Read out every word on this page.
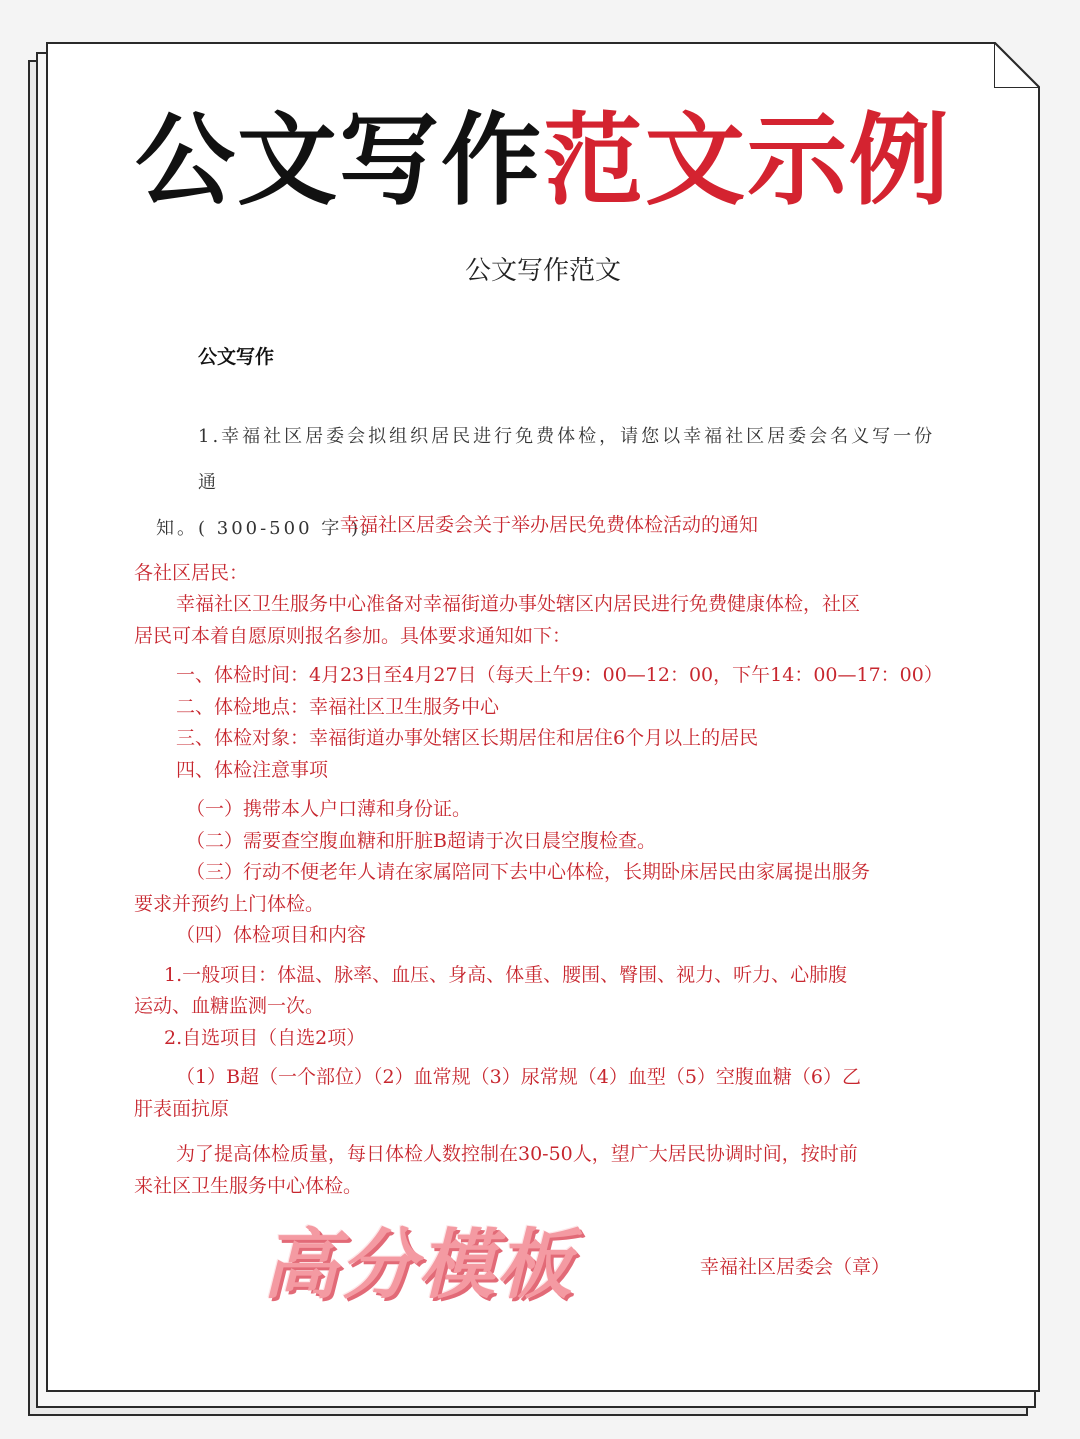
公文写作范文示例
公文写作范文
公文写作
1.幸福社区居委会拟组织居民进行免费体检，请您以幸福社区居委会名义写一份通
知。( 300-500 字 )。

幸福社区居委会关于举办居民免费体检活动的通知

各社区居民：

幸福社区卫生服务中心准备对幸福街道办事处辖区内居民进行免费健康体检，社区

居民可本着自愿原则报名参加。具体要求通知如下：

一、体检时间：4月23日至4月27日（每天上午9：00—12：00，下午14：00—17：00）

二、体检地点：幸福社区卫生服务中心

三、体检对象：幸福街道办事处辖区长期居住和居住6个月以上的居民

四、体检注意事项

（一）携带本人户口薄和身份证。

（二）需要查空腹血糖和肝脏B超请于次日晨空腹检查。

（三）行动不便老年人请在家属陪同下去中心体检，长期卧床居民由家属提出服务

要求并预约上门体检。

（四）体检项目和内容

1.一般项目：体温、脉率、血压、身高、体重、腰围、臀围、视力、听力、心肺腹

运动、血糖监测一次。

2.自选项目（自选2项）

（1）B超（一个部位）（2）血常规（3）尿常规（4）血型（5）空腹血糖（6）乙

肝表面抗原

为了提高体检质量，每日体检人数控制在30-50人，望广大居民协调时间，按时前

来社区卫生服务中心体检。

高分模板	幸福社区居委会（章）
